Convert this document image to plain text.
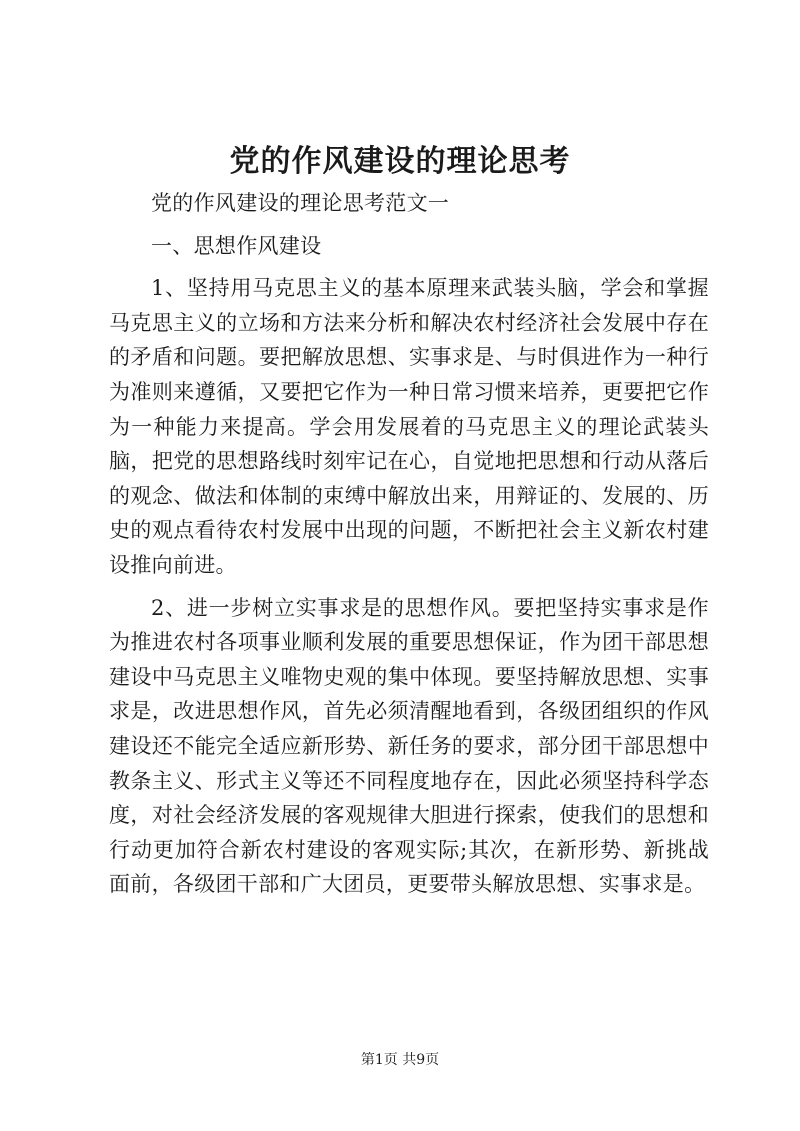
党的作风建设的理论思考

党的作风建设的理论思考范文一

一、思想作风建设

1、坚持用马克思主义的基本原理来武装头脑，学会和掌握马克思主义的立场和方法来分析和解决农村经济社会发展中存在的矛盾和问题。要把解放思想、实事求是、与时俱进作为一种行为准则来遵循，又要把它作为一种日常习惯来培养，更要把它作为一种能力来提高。学会用发展着的马克思主义的理论武装头脑，把党的思想路线时刻牢记在心，自觉地把思想和行动从落后的观念、做法和体制的束缚中解放出来，用辩证的、发展的、历史的观点看待农村发展中出现的问题，不断把社会主义新农村建设推向前进。

2、进一步树立实事求是的思想作风。要把坚持实事求是作为推进农村各项事业顺利发展的重要思想保证，作为团干部思想建设中马克思主义唯物史观的集中体现。要坚持解放思想、实事求是，改进思想作风，首先必须清醒地看到，各级团组织的作风建设还不能完全适应新形势、新任务的要求，部分团干部思想中教条主义、形式主义等还不同程度地存在，因此必须坚持科学态度，对社会经济发展的客观规律大胆进行探索，使我们的思想和行动更加符合新农村建设的客观实际;其次，在新形势、新挑战面前，各级团干部和广大团员，更要带头解放思想、实事求是。

第1页 共9页
